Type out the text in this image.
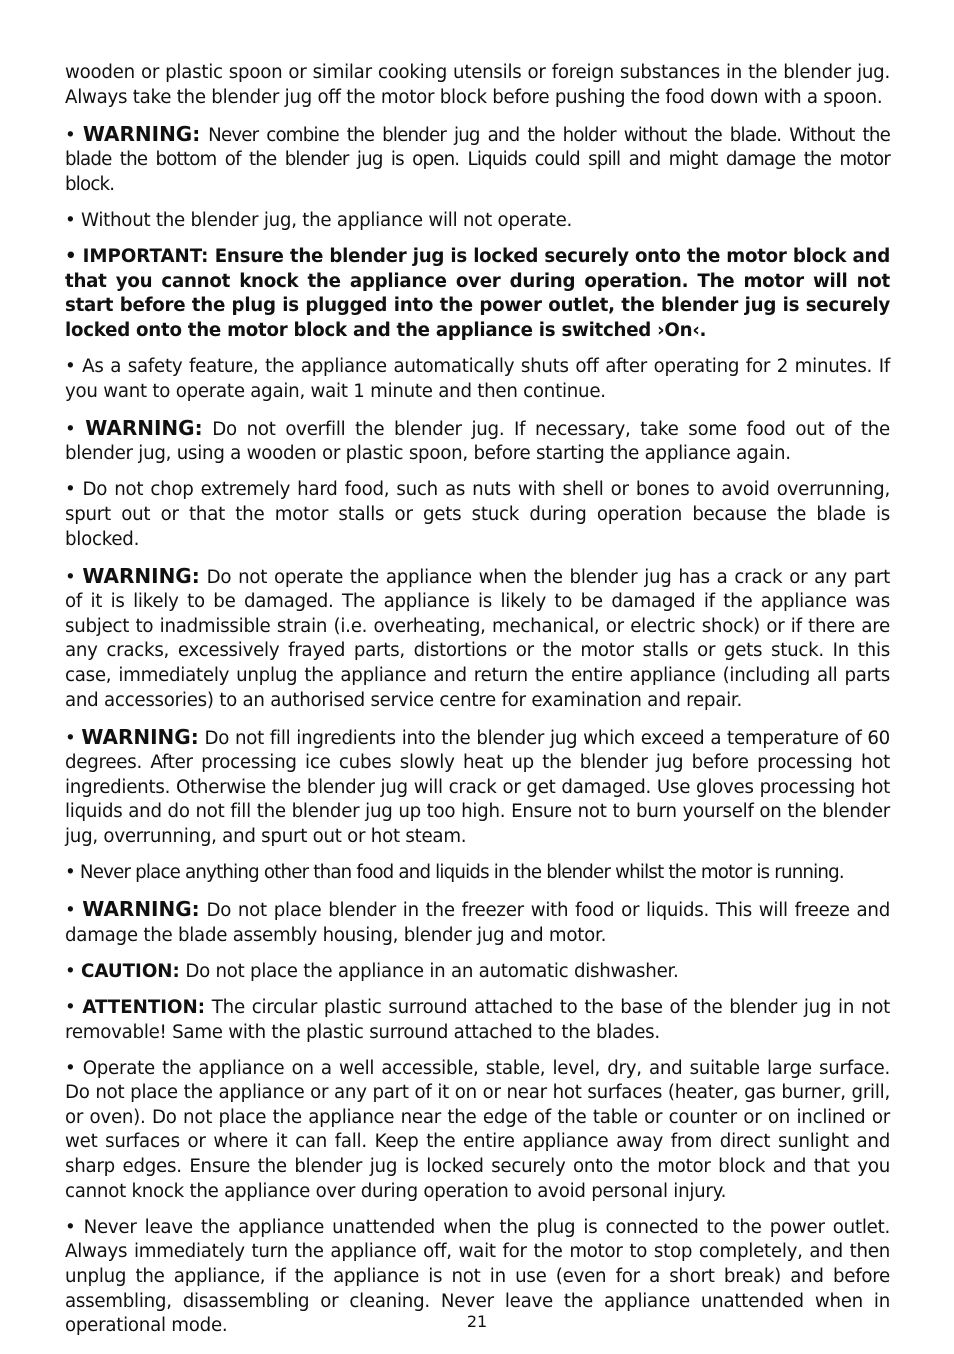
wooden or plastic spoon or similar cooking utensils or foreign substances in the blender jug. Always take the blender jug off the motor block before pushing the food down with a spoon.

• WARNING: Never combine the blender jug and the holder without the blade. Without the blade the bottom of the blender jug is open. Liquids could spill and might damage the motor block.

• Without the blender jug, the appliance will not operate.

• IMPORTANT: Ensure the blender jug is locked securely onto the motor block and that you cannot knock the appliance over during operation. The motor will not start before the plug is plugged into the power outlet, the blender jug is securely locked onto the motor block and the appliance is switched ›On‹.

• As a safety feature, the appliance automatically shuts off after operating for 2 minutes. If you want to operate again, wait 1 minute and then continue.

• WARNING: Do not overfill the blender jug. If necessary, take some food out of the blender jug, using a wooden or plastic spoon, before starting the appliance again.

• Do not chop extremely hard food, such as nuts with shell or bones to avoid overrunning, spurt out or that the motor stalls or gets stuck during operation because the blade is blocked.

• WARNING: Do not operate the appliance when the blender jug has a crack or any part of it is likely to be damaged. The appliance is likely to be damaged if the appliance was subject to inadmissible strain (i.e. overheating, mechanical, or electric shock) or if there are any cracks, excessively frayed parts, distortions or the motor stalls or gets stuck. In this case, immediately unplug the appliance and return the entire appliance (including all parts and accessories) to an authorised service centre for examination and repair.

• WARNING: Do not fill ingredients into the blender jug which exceed a temperature of 60 degrees. After processing ice cubes slowly heat up the blender jug before processing hot ingredients. Otherwise the blender jug will crack or get damaged. Use gloves processing hot liquids and do not fill the blender jug up too high. Ensure not to burn yourself on the blender jug, overrunning, and spurt out or hot steam.

• Never place anything other than food and liquids in the blender whilst the motor is running.

• WARNING: Do not place blender in the freezer with food or liquids. This will freeze and damage the blade assembly housing, blender jug and motor.

• CAUTION: Do not place the appliance in an automatic dishwasher.

• ATTENTION: The circular plastic surround attached to the base of the blender jug in not removable! Same with the plastic surround attached to the blades.

• Operate the appliance on a well accessible, stable, level, dry, and suitable large surface. Do not place the appliance or any part of it on or near hot surfaces (heater, gas burner, grill, or oven). Do not place the appliance near the edge of the table or counter or on inclined or wet surfaces or where it can fall. Keep the entire appliance away from direct sunlight and sharp edges. Ensure the blender jug is locked securely onto the motor block and that you cannot knock the appliance over during operation to avoid personal injury.

• Never leave the appliance unattended when the plug is connected to the power outlet. Always immediately turn the appliance off, wait for the motor to stop completely, and then unplug the appliance, if the appliance is not in use (even for a short break) and before assembling, disassembling or cleaning. Never leave the appliance unattended when in operational mode.	21
